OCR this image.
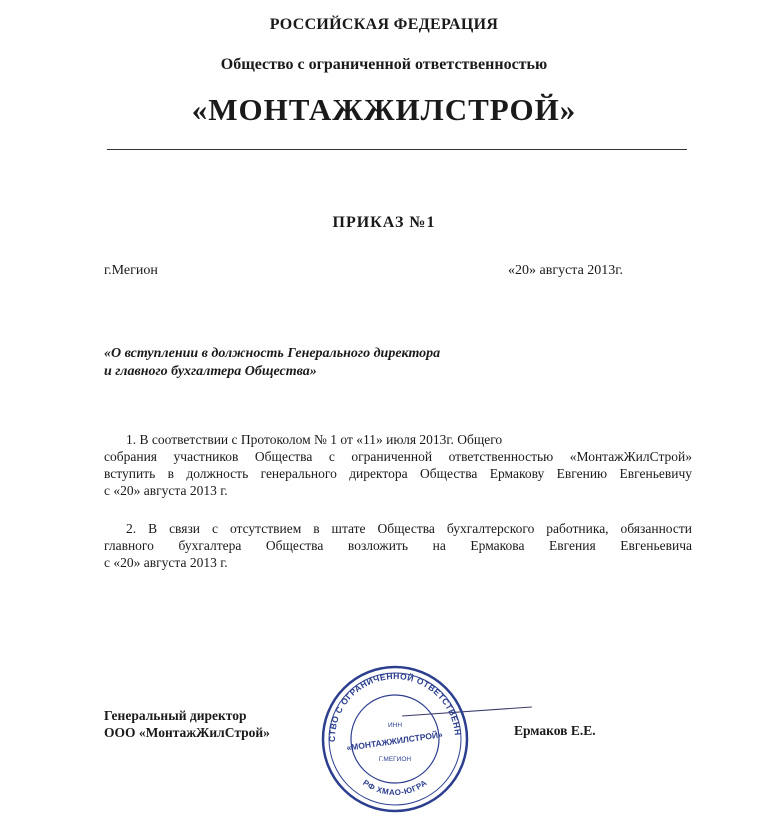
РОССИЙСКАЯ ФЕДЕРАЦИЯ
Общество с ограниченной ответственностью
«МОНТАЖЖИЛСТРОЙ»
ПРИКАЗ №1
г.Мегион	«20» августа 2013г.
«О вступлении в должность Генерального директора
и главного бухгалтера Общества»
1. В соответствии с Протоколом № 1 от «11» июля 2013г. Общего
собрания участников Общества с ограниченной ответственностью «МонтажЖилСтрой»
вступить в должность генерального директора Общества Ермакову Евгению Евгеньевичу
с «20» августа 2013 г.
2. В связи с отсутствием в штате Общества бухгалтерского работника, обязанности
главного бухгалтера Общества возложить на Ермакова Евгения Евгеньевича
с «20» августа 2013 г.
Генеральный директор
ООО «МонтажЖилСтрой»	Ермаков Е.Е.
СТВО С ОГРАНИЧЕННОЙ ОТВЕТСТВЕНН
РФ ХМАО-ЮГРА
ИНН
«МОНТАЖЖИЛСТРОЙ»
Г.МЕГИОН
